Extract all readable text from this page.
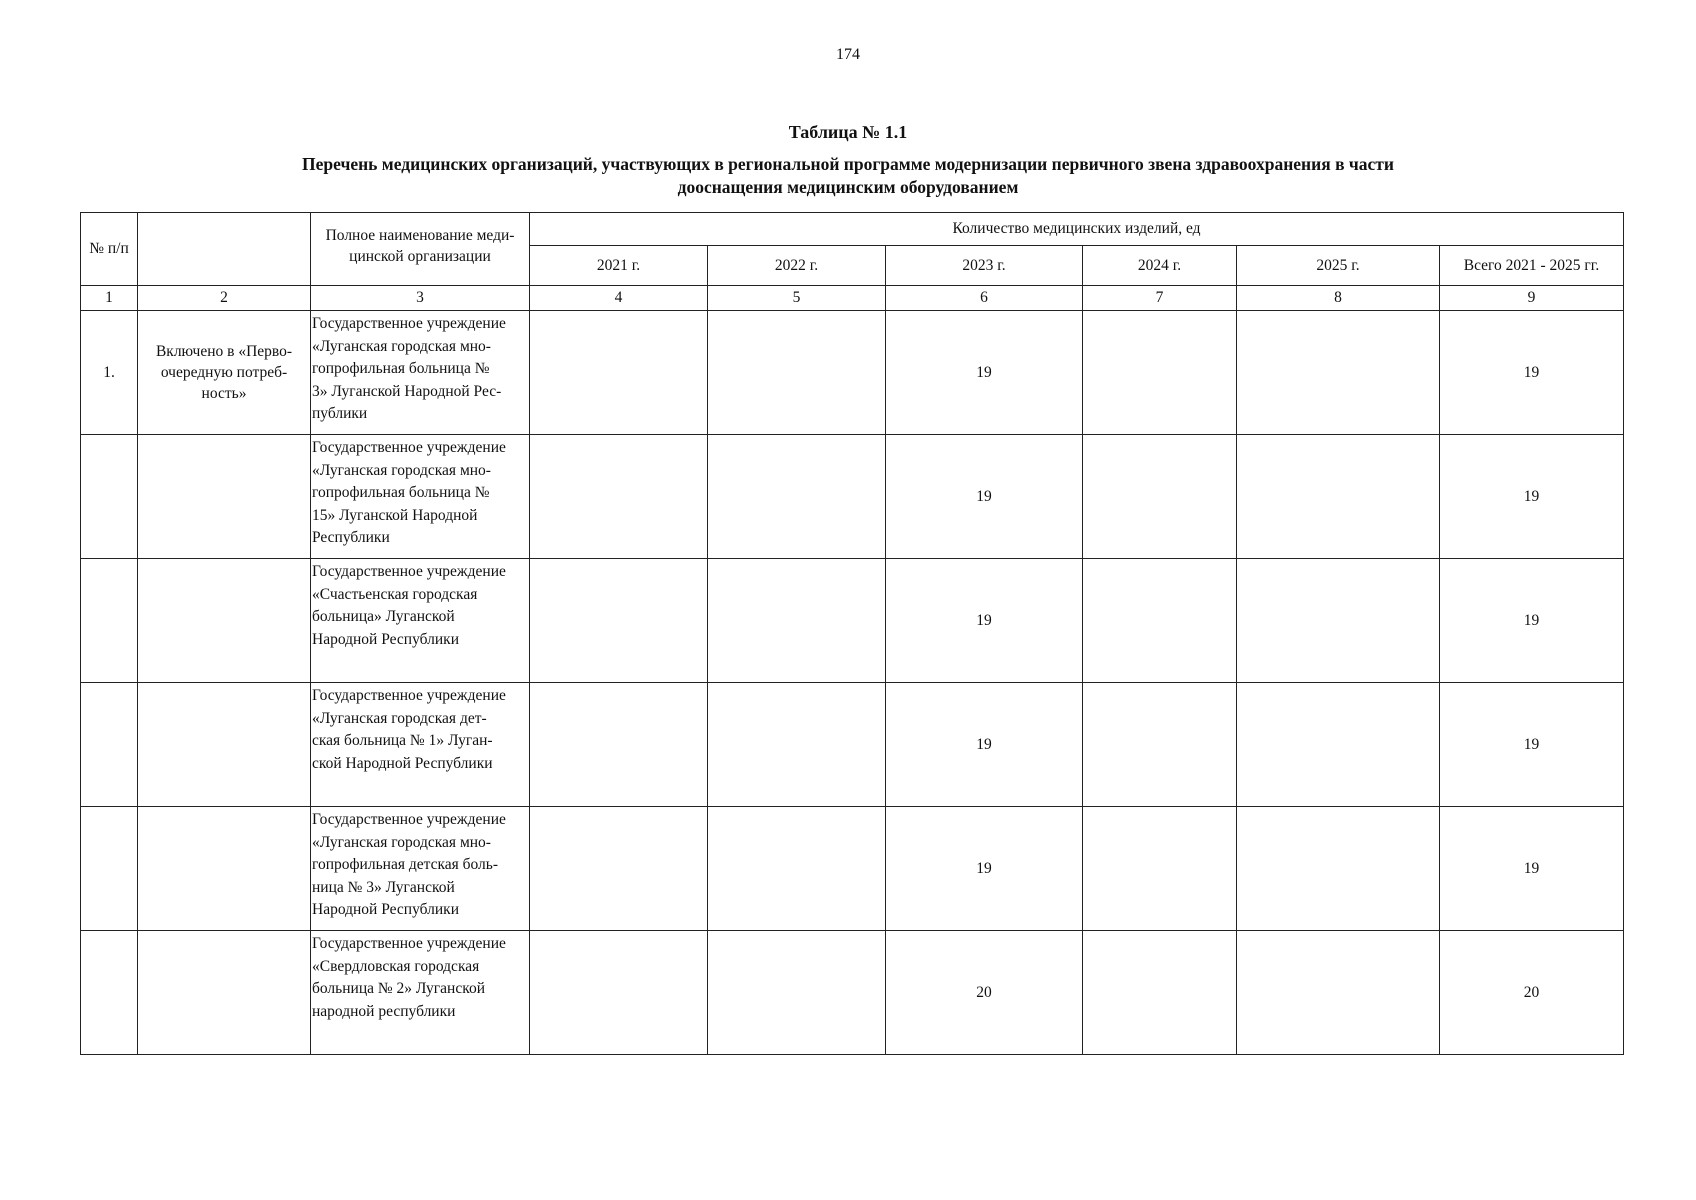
174
Таблица № 1.1
Перечень медицинских организаций, участвующих в региональной программе модернизации первичного звена здравоохранения в части
дооснащения медицинским оборудованием
№ п/п		Полное наименование меди-
цинской организации	Количество медицинских изделий, ед					
			2021 г.	2022 г.	2023 г.	2024 г.	2025 г.	Всего 2021 - 2025 гг.
1	2	3	4	5	6	7	8	9
1.	Включено в «Перво-
очередную потреб-
ность»	Государственное учреждение
«Луганская городская мно-
гопрофильная больница №
3» Луганской Народной Рес-
публики			19			19
		Государственное учреждение
«Луганская городская мно-
гопрофильная больница №
15» Луганской Народной
Республики			19			19
		Государственное учреждение
«Счастьенская городская
больница» Луганской
Народной Республики			19			19
		Государственное учреждение
«Луганская городская дет-
ская больница № 1» Луган-
ской Народной Республики			19			19
		Государственное учреждение
«Луганская городская мно-
гопрофильная детская боль-
ница № 3» Луганской
Народной Республики			19			19
		Государственное учреждение
«Свердловская городская
больница № 2» Луганской
народной республики			20			20
